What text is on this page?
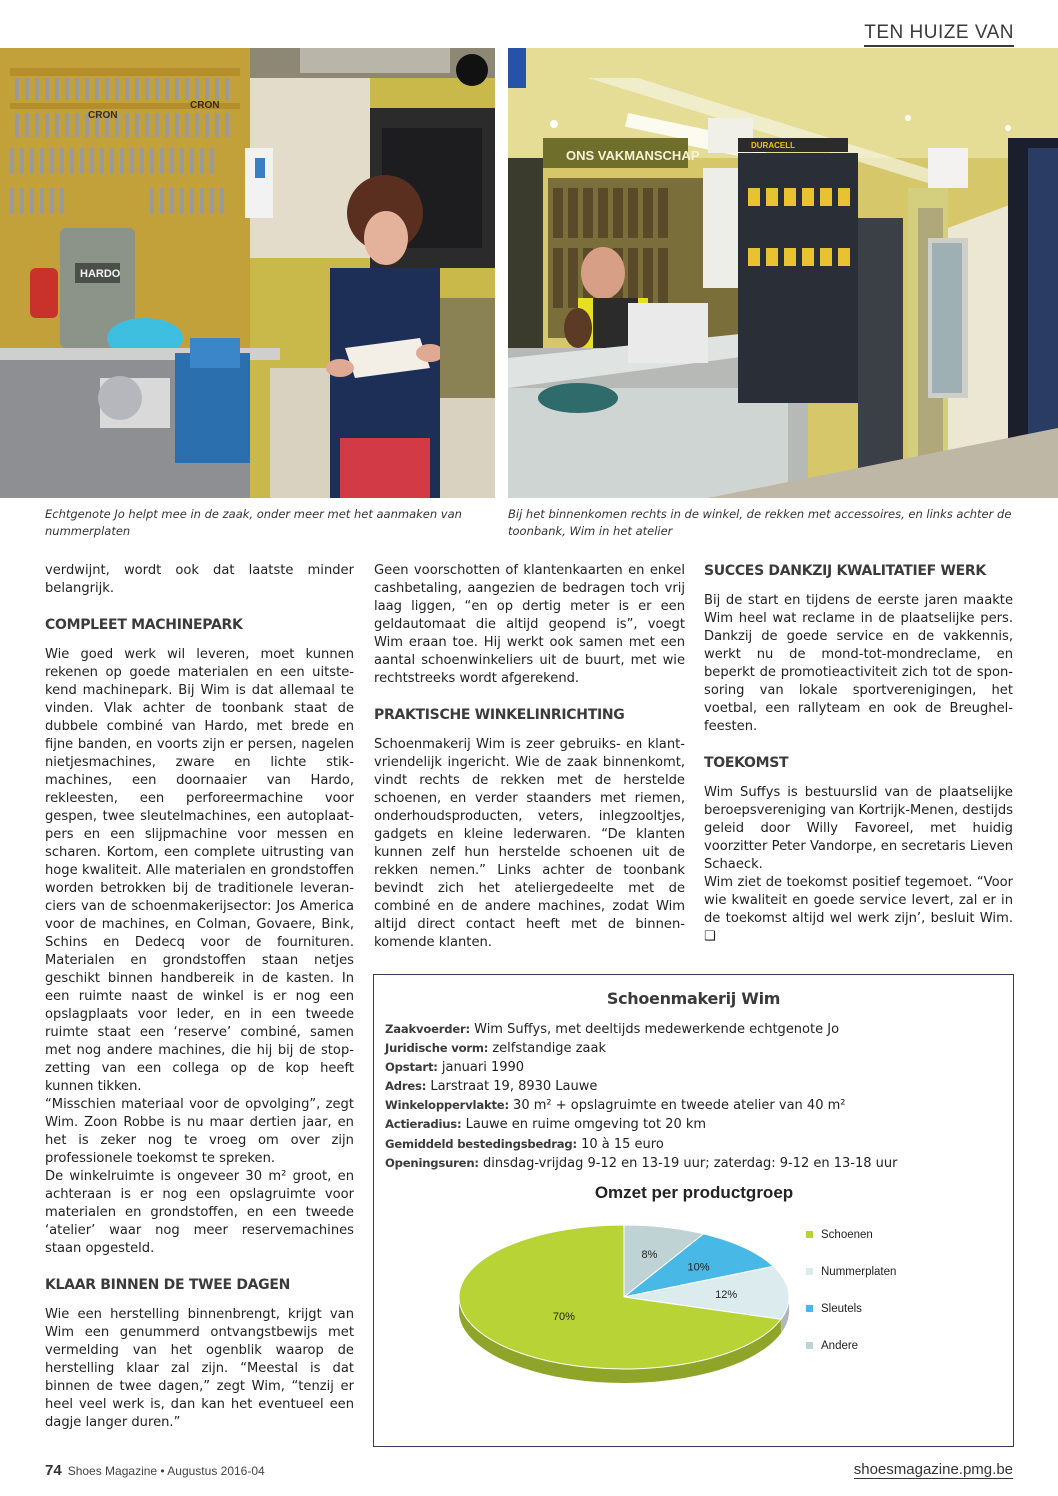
TEN HUIZE VAN
CRON
CRON
HARDO
ONS VAKMANSCHAP
DURACELL
Echtgenote Jo helpt mee in de zaak, onder meer met het aanmaken van nummerplaten
Bij het binnenkomen rechts in de winkel, de rekken met accessoires, en links achter de toonbank, Wim in het atelier

verdwijnt, wordt ook dat laatste minder belangrijk.

COMPLEET MACHINEPARK

Wie goed werk wil leveren, moet kunnen rekenen op goede materialen en een uitstekend machinepark. Bij Wim is dat allemaal te vinden. Vlak achter de toonbank staat de dubbele combiné van Hardo, met brede en fijne banden, en voorts zijn er persen, nagelen nietjesmachines, zware en lichte stikmachines, een doornaaier van Hardo, rekleesten, een perforeermachine voor gespen, twee sleutelmachines, een autoplaatpers en een slijpmachine voor messen en scharen. Kortom, een complete uitrusting van hoge kwaliteit. Alle materialen en grondstoffen worden betrokken bij de traditionele leveranciers van de schoenmakerijsector: Jos America voor de machines, en Colman, Govaere, Bink, Schins en Dedecq voor de fournituren. Materialen en grondstoffen staan netjes geschikt binnen handbereik in de kasten. In een ruimte naast de winkel is er nog een opslagplaats voor leder, en in een tweede ruimte staat een ‘reserve’ combiné, samen met nog andere machines, die hij bij de stopzetting van een collega op de kop heeft kunnen tikken.

“Misschien materiaal voor de opvolging”, zegt Wim. Zoon Robbe is nu maar dertien jaar, en het is zeker nog te vroeg om over zijn professionele toekomst te spreken.

De winkelruimte is ongeveer 30 m² groot, en achteraan is er nog een opslagruimte voor materialen en grondstoffen, en een tweede ‘atelier’ waar nog meer reservemachines staan opgesteld.

KLAAR BINNEN DE TWEE DAGEN

Wie een herstelling binnenbrengt, krijgt van Wim een genummerd ontvangstbewijs met vermelding van het ogenblik waarop de herstelling klaar zal zijn. “Meestal is dat binnen de twee dagen,” zegt Wim, “tenzij er heel veel werk is, dan kan het eventueel een dagje langer duren.”

Geen voorschotten of klantenkaarten en enkel cashbetaling, aangezien de bedragen toch vrij laag liggen, “en op dertig meter is er een geldautomaat die altijd geopend is”, voegt Wim eraan toe. Hij werkt ook samen met een aantal schoenwinkeliers uit de buurt, met wie rechtstreeks wordt afgerekend.

PRAKTISCHE WINKELINRICHTING

Schoenmakerij Wim is zeer gebruiks- en klantvriendelijk ingericht. Wie de zaak binnenkomt, vindt rechts de rekken met de herstelde schoenen, en verder staanders met riemen, onderhoudsproducten, veters, inlegzooltjes, gadgets en kleine lederwaren. “De klanten kunnen zelf hun herstelde schoenen uit de rekken nemen.” Links achter de toonbank bevindt zich het ateliergedeelte met de combiné en de andere machines, zodat Wim altijd direct contact heeft met de binnenkomende klanten.

SUCCES DANKZIJ KWALITATIEF WERK

Bij de start en tijdens de eerste jaren maakte Wim heel wat reclame in de plaatselijke pers. Dankzij de goede service en de vakkennis, werkt nu de mond-tot-mondreclame, en beperkt de promotieactiviteit zich tot de sponsoring van lokale sportverenigingen, het voetbal, een rallyteam en ook de Breughelfeesten.

TOEKOMST

Wim Suffys is bestuurslid van de plaatselijke beroepsvereniging van Kortrijk-Menen, destijds geleid door Willy Favoreel, met huidig voorzitter Peter Vandorpe, en secretaris Lieven Schaeck.

Wim ziet de toekomst positief tegemoet. “Voor wie kwaliteit en goede service levert, zal er in de toekomst altijd wel werk zijn’, besluit Wim. ❑

Schoenmakerij Wim
Zaakvoerder: Wim Suffys, met deeltijds medewerkende echtgenote Jo
Juridische vorm: zelfstandige zaak
Opstart: januari 1990
Adres: Larstraat 19, 8930 Lauwe
Winkeloppervlakte: 30 m² + opslagruimte en tweede atelier van 40 m²
Actieradius: Lauwe en ruime omgeving tot 20 km
Gemiddeld bestedingsbedrag: 10 à 15 euro
Openingsuren: dinsdag-vrijdag 9-12 en 13-19 uur; zaterdag: 9-12 en 13-18 uur
Omzet per productgroep
8%
10%
12%
70%
Schoenen
Nummerplaten
Sleutels
Andere
74 Shoes Magazine • Augustus 2016-04	shoesmagazine.pmg.be
